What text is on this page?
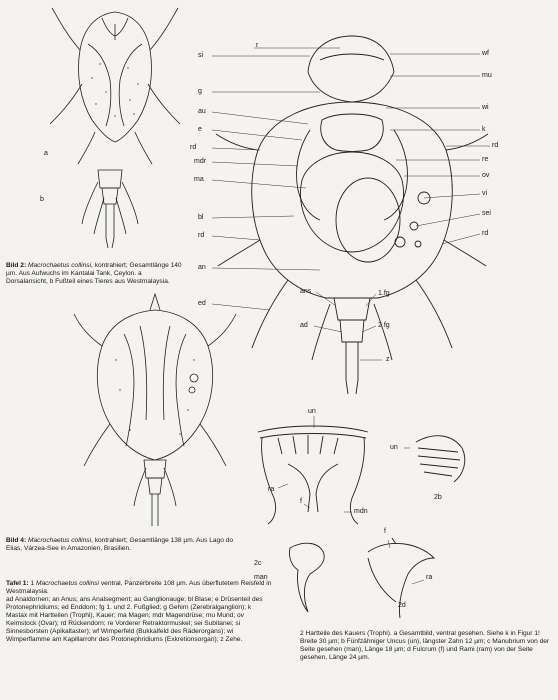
a
b
Bild 2: Macrochaetus collinsi, kontrahiert; Gesamtlänge 140 µm. Aus Aufwuchs im Kantalai Tank, Ceylon. a Dorsalansicht, b Fußteil eines Tieres aus Westmalaysia.
r
si
g
au
e
rd
mdr
ma
bl
rd
an
ed
wf
mu
wi
k
rd
re
ov
vi
sei
rd
ans	1.fg
ad	2 fg
z
Bild 4: Macrochaetus collinsi, kontrahiert; Gesamtlänge 138 µm. Aus Lago do Elias, Várzea-See in Amazonien, Brasilien.
Tafel 1: 1 Macrochaetus collinsi ventral, Panzerbreite 108 µm. Aus überflutetem Reisfeld in Westmalaysia.
ad Analdornen; an Anus; ans Analsegment; au Ganglionauge; bl Blase; e Drüsenteil des Protonephridiums; ed Enddorn; fg 1. und 2. Fußglied; g Gehirn (Zerebralganglion); k Mastax mit Hartteilen (Trophi), Kauer; ma Magen; mdr Magendrüse; mu Mund; ov Keimstock (Ovar); rd Rückendorn; re Vorderer Retraktormuskel; sei Subitanei; si Sinnesborsten (Apikaltaster); wf Wimperfeld (Bukkalfeld des Räderorgans); wi Wimperflamme am Kapillarrohr des Protonephridiums (Exkretionsorgan); z Zehe.
un
ra
f
mdn
un
2b
2c
man
f
ra
2d
2 Hartteile des Kauers (Trophi). a Gesamtbild, ventral gesehen. Siehe k in Figur 1! Breite 30 µm; b Fünfzähniger Uncus (un), längster Zahn 12 µm; c Manubrium von der Seite gesehen (man), Länge 18 µm; d Fulcrum (f) und Rami (ram) von der Seite gesehen, Länge 24 µm.
